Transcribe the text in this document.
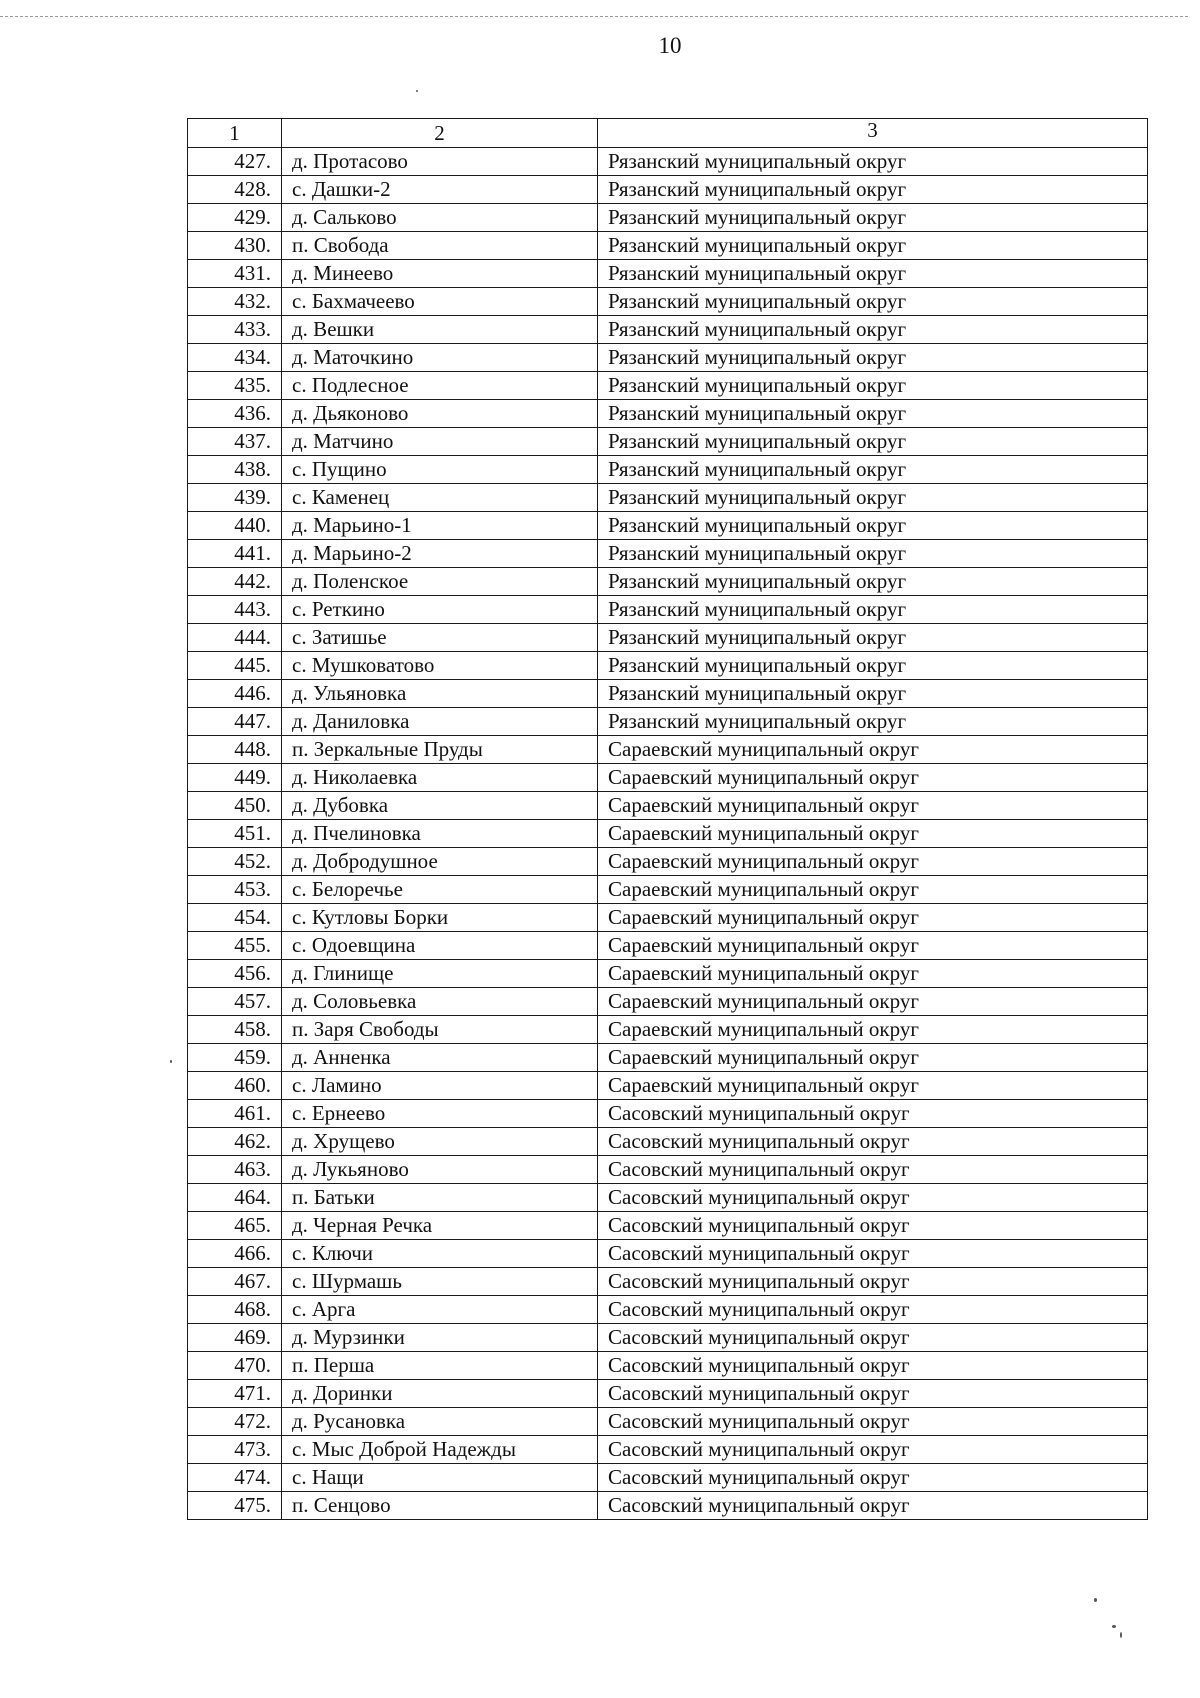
10
1	2	3
427.	д. Протасово	Рязанский муниципальный округ
428.	с. Дашки-2	Рязанский муниципальный округ
429.	д. Сальково	Рязанский муниципальный округ
430.	п. Свобода	Рязанский муниципальный округ
431.	д. Минеево	Рязанский муниципальный округ
432.	с. Бахмачеево	Рязанский муниципальный округ
433.	д. Вешки	Рязанский муниципальный округ
434.	д. Маточкино	Рязанский муниципальный округ
435.	с. Подлесное	Рязанский муниципальный округ
436.	д. Дьяконово	Рязанский муниципальный округ
437.	д. Матчино	Рязанский муниципальный округ
438.	с. Пущино	Рязанский муниципальный округ
439.	с. Каменец	Рязанский муниципальный округ
440.	д. Марьино-1	Рязанский муниципальный округ
441.	д. Марьино-2	Рязанский муниципальный округ
442.	д. Поленское	Рязанский муниципальный округ
443.	с. Реткино	Рязанский муниципальный округ
444.	с. Затишье	Рязанский муниципальный округ
445.	с. Мушковатово	Рязанский муниципальный округ
446.	д. Ульяновка	Рязанский муниципальный округ
447.	д. Даниловка	Рязанский муниципальный округ
448.	п. Зеркальные Пруды	Сараевский муниципальный округ
449.	д. Николаевка	Сараевский муниципальный округ
450.	д. Дубовка	Сараевский муниципальный округ
451.	д. Пчелиновка	Сараевский муниципальный округ
452.	д. Добродушное	Сараевский муниципальный округ
453.	с. Белоречье	Сараевский муниципальный округ
454.	с. Кутловы Борки	Сараевский муниципальный округ
455.	с. Одоевщина	Сараевский муниципальный округ
456.	д. Глинище	Сараевский муниципальный округ
457.	д. Соловьевка	Сараевский муниципальный округ
458.	п. Заря Свободы	Сараевский муниципальный округ
459.	д. Анненка	Сараевский муниципальный округ
460.	с. Ламино	Сараевский муниципальный округ
461.	с. Ернеево	Сасовский муниципальный округ
462.	д. Хрущево	Сасовский муниципальный округ
463.	д. Лукьяново	Сасовский муниципальный округ
464.	п. Батьки	Сасовский муниципальный округ
465.	д. Черная Речка	Сасовский муниципальный округ
466.	с. Ключи	Сасовский муниципальный округ
467.	с. Шурмашь	Сасовский муниципальный округ
468.	с. Арга	Сасовский муниципальный округ
469.	д. Мурзинки	Сасовский муниципальный округ
470.	п. Перша	Сасовский муниципальный округ
471.	д. Доринки	Сасовский муниципальный округ
472.	д. Русановка	Сасовский муниципальный округ
473.	с. Мыс Доброй Надежды	Сасовский муниципальный округ
474.	с. Нащи	Сасовский муниципальный округ
475.	п. Сенцово	Сасовский муниципальный округ
